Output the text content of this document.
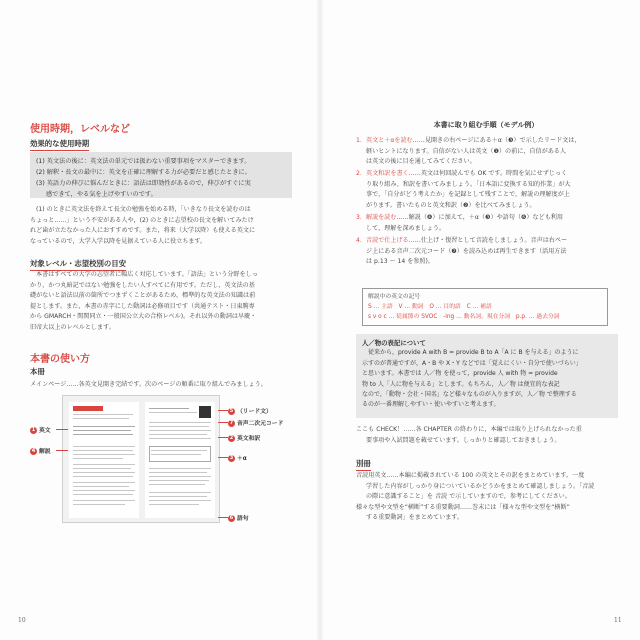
使用時期，レベルなど
効果的な使用時期

(1) 英文法の後に：英文法の単元では扱わない重要事項をマスターできます。

(2) 解釈・長文の最中に：英文を正確に理解する力が必要だと感じたときに。

(3) 英語力の伸びに悩んだときに：語法は即効性があるので，伸びがすぐに実

感できて，やる気を上げやすいのです。

(1) のときに英文法を終えて長文の勉強を始める時，「いきなり長文を読むのは
ちょっと……」という不安がある人や，(2) のときに志望校の長文を解いてみたけ
れど歯が立たなかった人におすすめです。また，将来（大学以降）も使える英文に
なっているので，大学入学以降を見据えている人に役立ちます。
対象レベル・志望校別の目安
本書はすべての大学の志望者に幅広く対応しています。「語法」という分野をしっ
かり，かつ丸暗記ではない勉強をしたい人すべてに有用です。ただし，英文法の基
礎がないと語法以前の箇所でつまずくことがあるため，標準的な英文法の知識は前
提とします。また，本書の赤字にした動詞は必修項目です（共通テスト・日東駒専
から GMARCH・関関同立・一般国公立大の合格レベル)。それ以外の動詞は早慶・
旧帝大以上のレベルとします。
本書の使い方
本冊
メインページ……各英文見開き完結です。次のページの順番に取り組んでみましょう。
1 英文
4 解説
5 （リード文）
7 音声二次元コード
2 英文和訳
3 ＋α
6 語句
10
本書に取り組む手順（モデル例）
1．英文と＋αを読む……見開きの右ページにある＋α（❸）で示したリード文は，
軽いヒントになります。自信がない人は英文（❶）の前に，自信がある人
は英文の後に目を通してみてください。
2．英文和訳を書く……英文は何回読んでも OK です。時間を気にせずじっく
り取り組み，和訳を書いてみましょう。「日本語に変換する知的作業」が大
事で，「自分がどう考えたか」を記録として残すことで，解説の理解度が上
がります。書いたものと英文和訳（❷）を比べてみましょう。
3．解説を読む……解説（❹）に加えて，＋α（❸）や語句（❻）なども利用
して，理解を深めましょう。
4．音読で仕上げる……仕上げ・復習として音読をしましょう。音声は右ペー
ジ上にある音声二次元コード（❼）を読み込めば再生できます（活用方法
は p.13 ～ 14 を参照)。

解説中の英文の記号

S … 主語　V … 動詞　O … 目的語　C … 補語

s v o c … 従属節の SVOC　-ing … 動名詞，現在分詞　p.p. … 過去分詞

人／物の表記について

従来から，provide A with B = provide B to A「A に B を与える」のように

示すのが普通ですが，A・B や X・Y などでは「覚えにくい・自分で使いづらい」

と思います。本書では 人／物 を使って，provide 人 with 物 = provide

物 to 人「人に物を与える」とします。もちろん，人／物 は便宜的な表記

なので，「動物・会社・国名」など様々なものが入りますが，人／物 で整理する

るのが一番理解しやすい・使いやすいと考えます。

ここも CHECK！……各 CHAPTER の終わりに，本編では取り上げられなかった重
要事項や入試問題を載せています。しっかりと確認しておきましょう。
別冊
音読用英文……本編に掲載されている 100 の英文とその訳をまとめています。一度
学習した内容がしっかり身についているかどうかをまとめて確認しましょう。「音読
の際に意識すること」を 音読 で示していますので，参考にしてください。
様々な型や文型を“横断”する重要動詞……巻末には「様々な型や文型を“横断”
する重要動詞」をまとめています。
11
